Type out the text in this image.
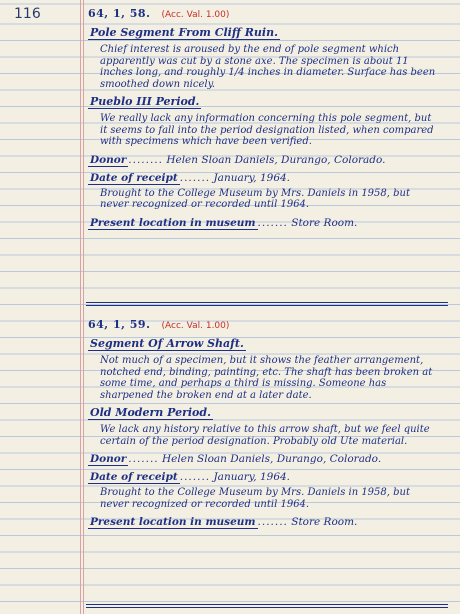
116	64, 1, 58. (Acc. Val. 1.00)
Pole Segment From Cliff Ruin.
Chief interest is aroused by the end of pole segment which apparently was cut by a stone axe. The specimen is about 11 inches long, and roughly 1/4 inches in diameter. Surface has been smoothed down nicely.
Pueblo III Period.
We really lack any information concerning this pole segment, but it seems to fall into the period designation listed, when compared with specimens which have been verified.
Donor ........ Helen Sloan Daniels, Durango, Colorado.
Date of receipt ....... January, 1964.
Brought to the College Museum by Mrs. Daniels in 1958, but never recognized or recorded until 1964.
Present location in museum ....... Store Room.
64, 1, 59. (Acc. Val. 1.00)
Segment Of Arrow Shaft.
Not much of a specimen, but it shows the feather arrangement, notched end, binding, painting, etc. The shaft has been broken at some time, and perhaps a third is missing. Someone has sharpened the broken end at a later date.
Old Modern Period.
We lack any history relative to this arrow shaft, but we feel quite certain of the period designation. Probably old Ute material.
Donor ....... Helen Sloan Daniels, Durango, Colorado.
Date of receipt ....... January, 1964.
Brought to the College Museum by Mrs. Daniels in 1958, but never recognized or recorded until 1964.
Present location in museum ....... Store Room.
